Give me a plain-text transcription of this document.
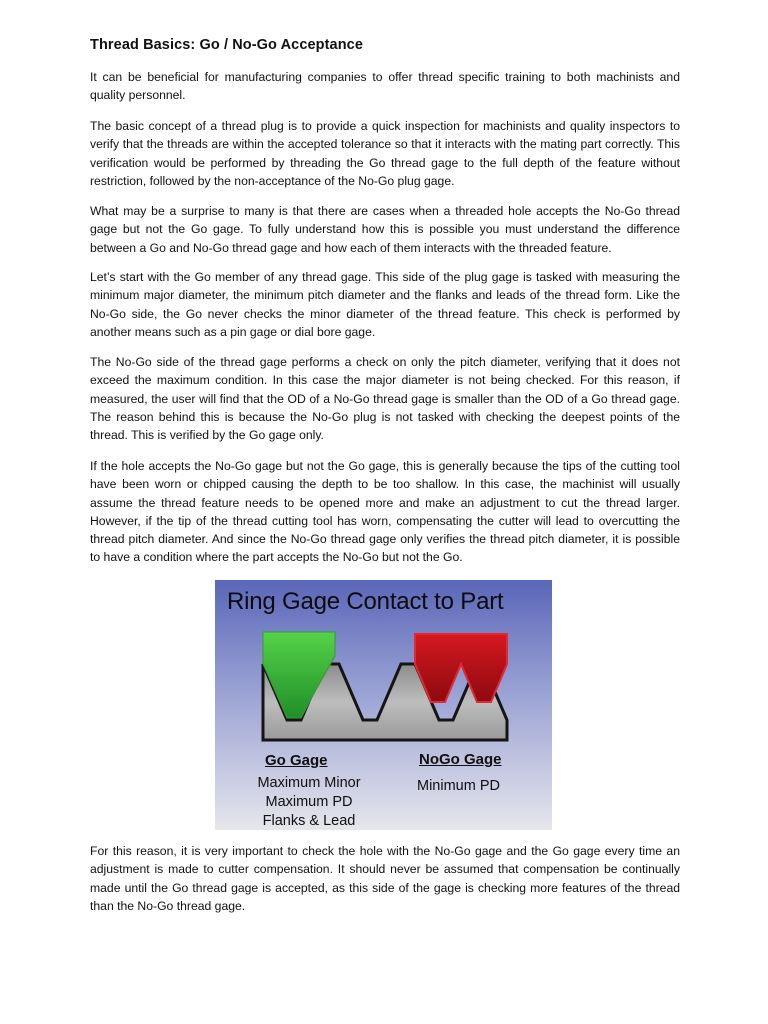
Thread Basics: Go / No-Go Acceptance

It can be beneficial for manufacturing companies to offer thread specific training to both machinists and quality personnel.

The basic concept of a thread plug is to provide a quick inspection for machinists and quality inspectors to verify that the threads are within the accepted tolerance so that it interacts with the mating part correctly. This verification would be performed by threading the Go thread gage to the full depth of the feature without restriction, followed by the non-acceptance of the No-Go plug gage.

What may be a surprise to many is that there are cases when a threaded hole accepts the No-Go thread gage but not the Go gage. To fully understand how this is possible you must understand the difference between a Go and No-Go thread gage and how each of them interacts with the threaded feature.

Let’s start with the Go member of any thread gage. This side of the plug gage is tasked with measuring the minimum major diameter, the minimum pitch diameter and the flanks and leads of the thread form. Like the No-Go side, the Go never checks the minor diameter of the thread feature. This check is performed by another means such as a pin gage or dial bore gage.

The No-Go side of the thread gage performs a check on only the pitch diameter, verifying that it does not exceed the maximum condition. In this case the major diameter is not being checked. For this reason, if measured, the user will find that the OD of a No-Go thread gage is smaller than the OD of a Go thread gage. The reason behind this is because the No-Go plug is not tasked with checking the deepest points of the thread. This is verified by the Go gage only.

If the hole accepts the No-Go gage but not the Go gage, this is generally because the tips of the cutting tool have been worn or chipped causing the depth to be too shallow. In this case, the machinist will usually assume the thread feature needs to be opened more and make an adjustment to cut the thread larger. However, if the tip of the thread cutting tool has worn, compensating the cutter will lead to overcutting the thread pitch diameter. And since the No-Go thread gage only verifies the thread pitch diameter, it is possible to have a condition where the part accepts the No-Go but not the Go.

Ring Gage Contact to Part
Go Gage	NoGo Gage
Maximum Minor
Maximum PD
Flanks & Lead
Minimum PD

For this reason, it is very important to check the hole with the No-Go gage and the Go gage every time an adjustment is made to cutter compensation. It should never be assumed that compensation be continually made until the Go thread gage is accepted, as this side of the gage is checking more features of the thread than the No-Go thread gage.
